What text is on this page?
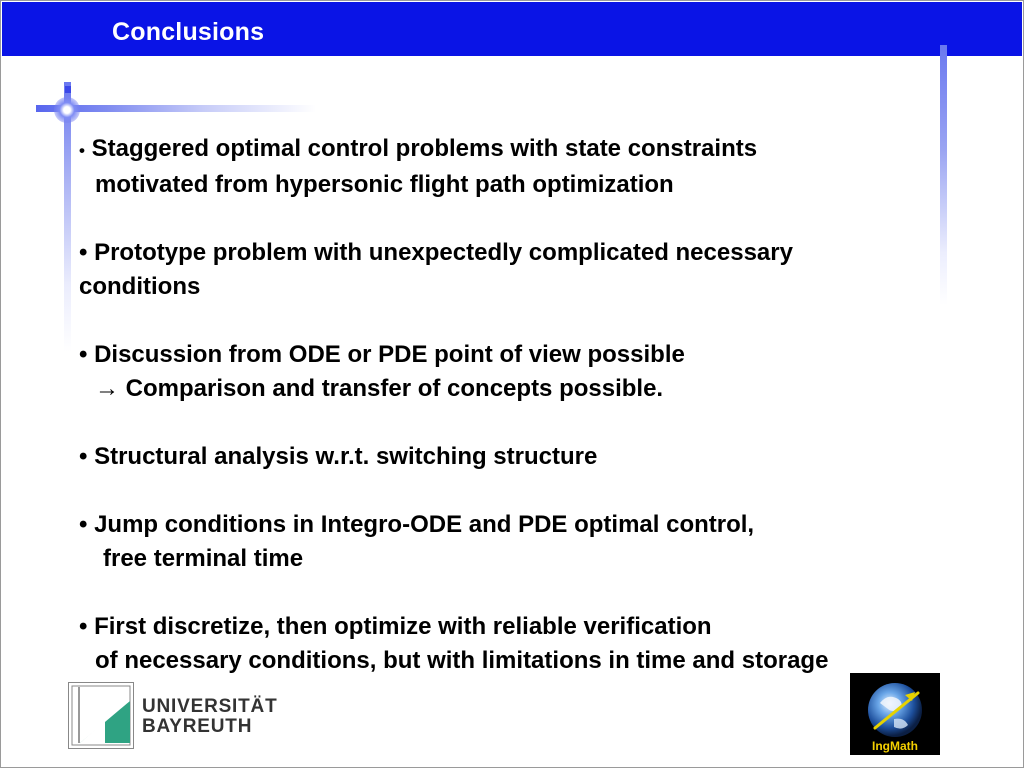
Conclusions
• Staggered optimal control problems with state constraints
motivated from hypersonic flight path optimization
• Prototype problem with unexpectedly complicated necessary
conditions
• Discussion from ODE or PDE point of view possible
→ Comparison and transfer of concepts possible.
• Structural analysis w.r.t. switching structure
• Jump conditions in Integro-ODE and PDE optimal control,
free terminal time
• First discretize, then optimize with reliable verification
of necessary conditions, but with limitations in time and storage
UNIVERSITÄT
BAYREUTH
IngMath
